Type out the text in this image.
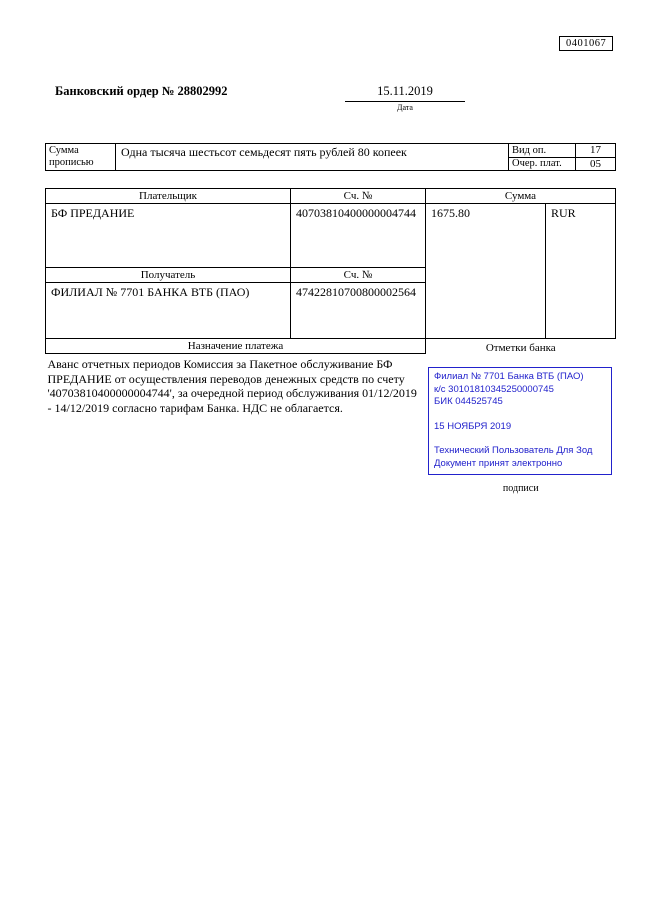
0401067
Банковский ордер № 28802992	15.11.2019
Дата
Сумма прописью	Одна тысяча шестьсот семьдесят пять рублей 80 копеек	Вид оп.	17
		Очер. плат.	05
Плательщик	Сч. №	Сумма	
БФ ПРЕДАНИЕ	40703810400000004744	1675.80	RUR
Получатель	Сч. №		
ФИЛИАЛ № 7701 БАНКА ВТБ (ПАО)	47422810700800002564		
Назначение платежа	Отметки банка
Филиал № 7701 Банка ВТБ (ПАО)
к/с 30101810345250000745
БИК 044525745
15 НОЯБРЯ 2019
Технический Пользователь Для Зод
Документ принят электронно
подписи

Аванс отчетных периодов Комиссия за Пакетное обслуживание БФ ПРЕДАНИЕ от осуществления переводов денежных средств по счету '40703810400000004744', за очередной период обслуживания 01/12/2019 - 14/12/2019 согласно тарифам Банка. НДС не облагается.			
